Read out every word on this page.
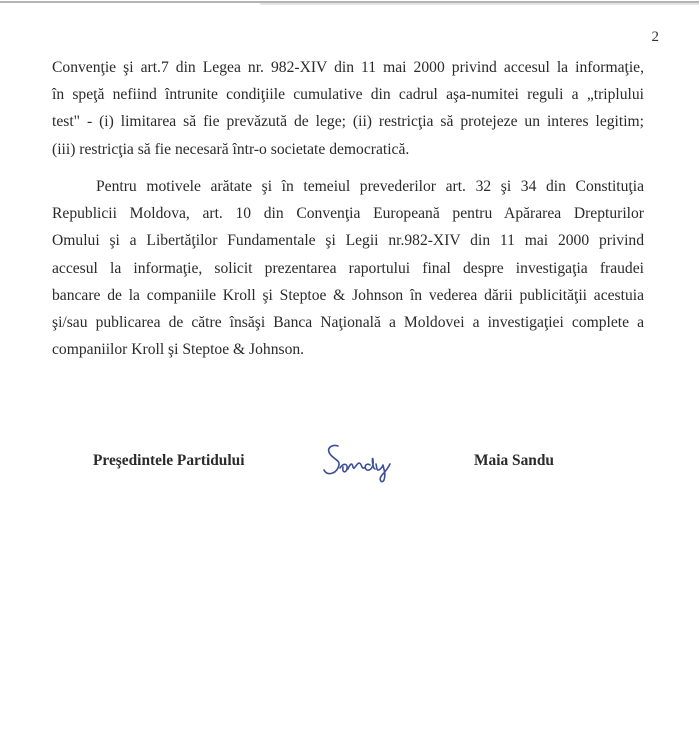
2
Convenţie şi art.7 din Legea nr. 982-XIV din 11 mai 2000 privind accesul la informaţie,
în speţă nefiind întrunite condiţiile cumulative din cadrul aşa-numitei reguli a „triplului
test" - (i) limitarea să fie prevăzută de lege; (ii) restricţia să protejeze un interes legitim;
(iii) restricţia să fie necesară într-o societate democratică.
Pentru motivele arătate şi în temeiul prevederilor art. 32 şi 34 din Constituţia
Republicii Moldova, art. 10 din Convenţia Europeană pentru Apărarea Drepturilor
Omului şi a Libertăţilor Fundamentale şi Legii nr.982-XIV din 11 mai 2000 privind
accesul la informaţie, solicit prezentarea raportului final despre investigaţia fraudei
bancare de la companiile Kroll şi Steptoe & Johnson în vederea dării publicităţii acestuia
şi/sau publicarea de către însăşi Banca Naţională a Moldovei a investigaţiei complete a
companiilor Kroll şi Steptoe & Johnson.
Preşedintele Partidului	Maia Sandu
